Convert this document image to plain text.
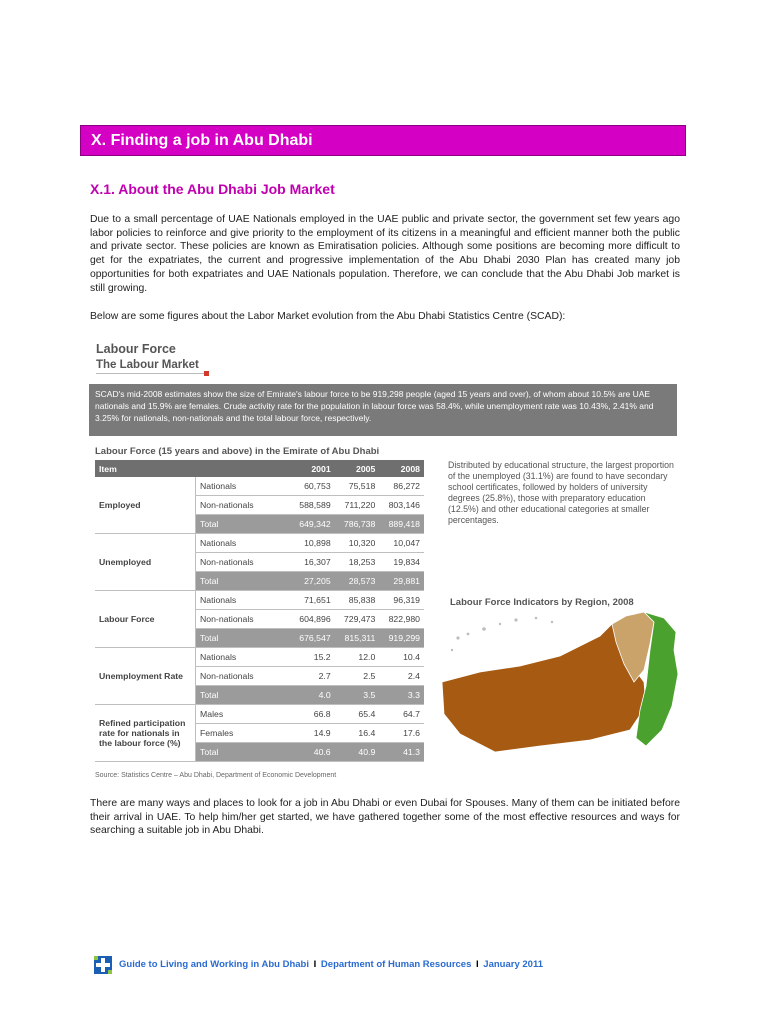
X. Finding a job in Abu Dhabi
X.1. About the Abu Dhabi Job Market
Due to a small percentage of UAE Nationals employed in the UAE public and private sector, the government set few years ago labor policies to reinforce and give priority to the employment of its citizens in a meaningful and efficient manner both the public and private sector. These policies are known as Emiratisation policies. Although some positions are becoming more difficult to get for the expatriates, the current and progressive implementation of the Abu Dhabi 2030 Plan has created many job opportunities for both expatriates and UAE Nationals population. Therefore, we can conclude that the Abu Dhabi Job market is still growing.
Below are some figures about the Labor Market evolution from the Abu Dhabi Statistics Centre (SCAD):
Labour Force
The Labour Market
SCAD's mid-2008 estimates show the size of Emirate's labour force to be 919,298 people (aged 15 years and over), of whom about 10.5% are UAE nationals and 15.9% are females. Crude activity rate for the population in labour force was 58.4%, while unemployment rate was 10.43%, 2.41% and 3.25% for nationals, non-nationals and the total labour force, respectively.
Labour Force (15 years and above) in the Emirate of Abu Dhabi
Item		2001	2005	2008
Employed	Nationals	60,753	75,518	86,272
	Non-nationals	588,589	711,220	803,146
	Total	649,342	786,738	889,418
Unemployed	Nationals	10,898	10,320	10,047
	Non-nationals	16,307	18,253	19,834
	Total	27,205	28,573	29,881
Labour Force	Nationals	71,651	85,838	96,319
	Non-nationals	604,896	729,473	822,980
	Total	676,547	815,311	919,299
Unemployment Rate	Nationals	15.2	12.0	10.4
	Non-nationals	2.7	2.5	2.4
	Total	4.0	3.5	3.3
Refined participation rate for nationals in the labour force (%)	Males	66.8	65.4	64.7
	Females	14.9	16.4	17.6
	Total	40.6	40.9	41.3
Source: Statistics Centre – Abu Dhabi, Department of Economic Development
Distributed by educational structure, the largest proportion of the unemployed (31.1%) are found to have secondary school certificates, followed by holders of university degrees (25.8%), those with preparatory education (12.5%) and other educational categories at smaller percentages.
Labour Force Indicators by Region, 2008
There are many ways and places to look for a job in Abu Dhabi or even Dubai for Spouses. Many of them can be initiated before their arrival in UAE. To help him/her get started, we have gathered together some of the most effective resources and ways for searching a suitable job in Abu Dhabi.
Guide to Living and Working in Abu Dhabi I Department of Human Resources I January 2011
